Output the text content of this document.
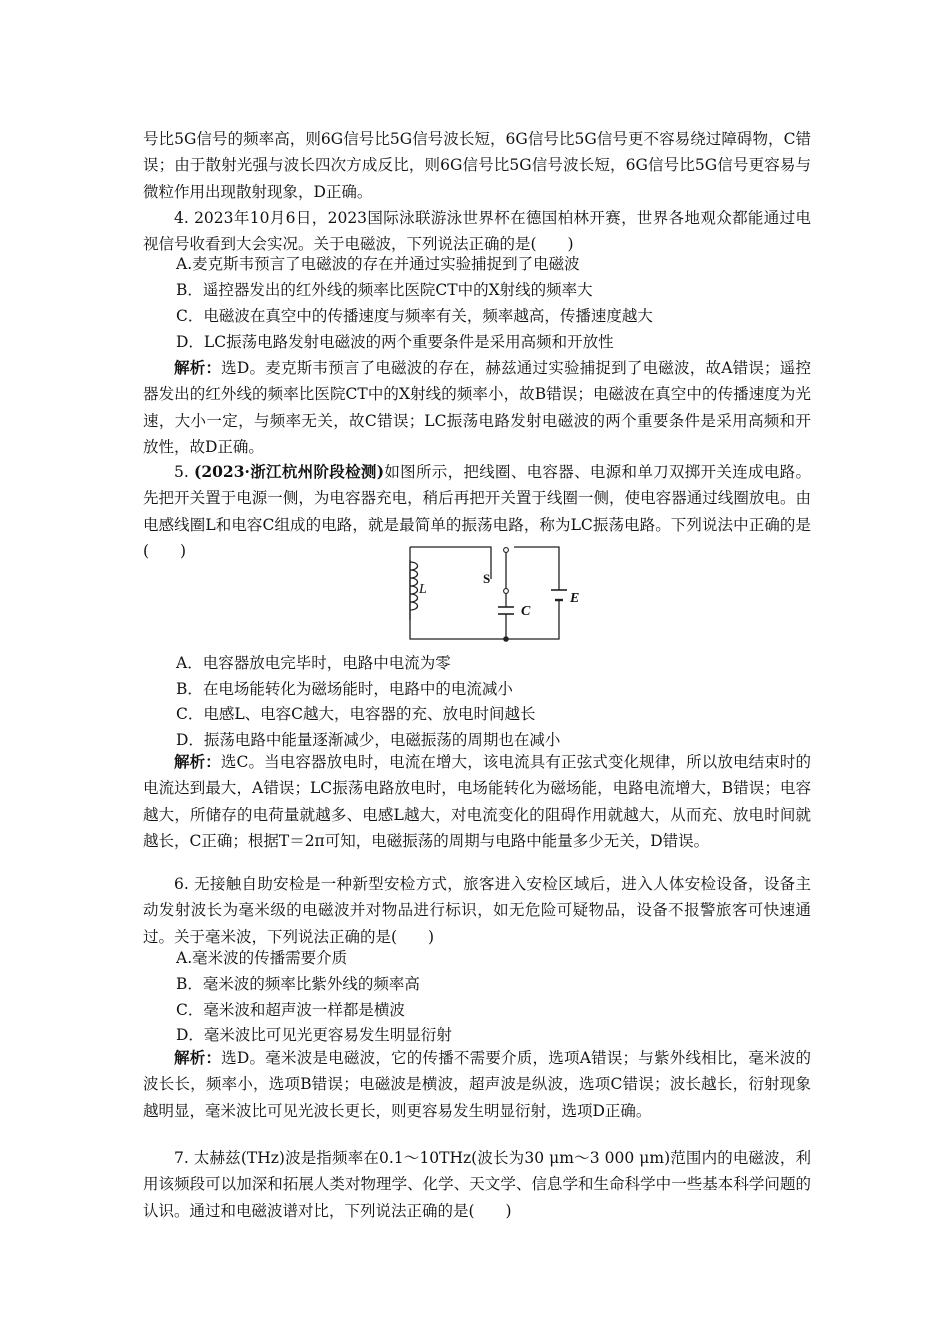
号比5G信号的频率高，则6G信号比5G信号波长短，6G信号比5G信号更不容易绕过障碍物，C错误；由于散射光强与波长四次方成反比，则6G信号比5G信号波长短，6G信号比5G信号更容易与微粒作用出现散射现象，D正确。

4. 2023年10月6日，2023国际泳联游泳世界杯在德国柏林开赛，世界各地观众都能通过电视信号收看到大会实况。关于电磁波，下列说法正确的是(　　)

A.麦克斯韦预言了电磁波的存在并通过实验捕捉到了电磁波

B．遥控器发出的红外线的频率比医院CT中的X射线的频率大

C．电磁波在真空中的传播速度与频率有关，频率越高，传播速度越大

D．LC振荡电路发射电磁波的两个重要条件是采用高频和开放性

解析：选D。麦克斯韦预言了电磁波的存在，赫兹通过实验捕捉到了电磁波，故A错误；遥控器发出的红外线的频率比医院CT中的X射线的频率小，故B错误；电磁波在真空中的传播速度为光速，大小一定，与频率无关，故C错误；LC振荡电路发射电磁波的两个重要条件是采用高频和开放性，故D正确。

5. (2023·浙江杭州阶段检测)如图所示，把线圈、电容器、电源和单刀双掷开关连成电路。先把开关置于电源一侧，为电容器充电，稍后再把开关置于线圈一侧，使电容器通过线圈放电。由电感线圈L和电容C组成的电路，就是最简单的振荡电路，称为LC振荡电路。下列说法中正确的是(　　)

L
S
C
E

A．电容器放电完毕时，电路中电流为零

B．在电场能转化为磁场能时，电路中的电流减小

C．电感L、电容C越大，电容器的充、放电时间越长

D．振荡电路中能量逐渐减少，电磁振荡的周期也在减小

解析：选C。当电容器放电时，电流在增大，该电流具有正弦式变化规律，所以放电结束时的电流达到最大，A错误；LC振荡电路放电时，电场能转化为磁场能，电路电流增大，B错误；电容越大，所储存的电荷量就越多、电感L越大，对电流变化的阻碍作用就越大，从而充、放电时间就越长，C正确；根据T＝2π可知，电磁振荡的周期与电路中能量多少无关，D错误。

6. 无接触自助安检是一种新型安检方式，旅客进入安检区域后，进入人体安检设备，设备主动发射波长为毫米级的电磁波并对物品进行标识，如无危险可疑物品，设备不报警旅客可快速通过。关于毫米波，下列说法正确的是(　　)

A.毫米波的传播需要介质

B．毫米波的频率比紫外线的频率高

C．毫米波和超声波一样都是横波

D．毫米波比可见光更容易发生明显衍射

解析：选D。毫米波是电磁波，它的传播不需要介质，选项A错误；与紫外线相比，毫米波的波长长，频率小，选项B错误；电磁波是横波，超声波是纵波，选项C错误；波长越长，衍射现象越明显，毫米波比可见光波长更长，则更容易发生明显衍射，选项D正确。

7. 太赫兹(THz)波是指频率在0.1～10THz(波长为30 μm～3 000 μm)范围内的电磁波，利用该频段可以加深和拓展人类对物理学、化学、天文学、信息学和生命科学中一些基本科学问题的认识。通过和电磁波谱对比，下列说法正确的是(　　)
